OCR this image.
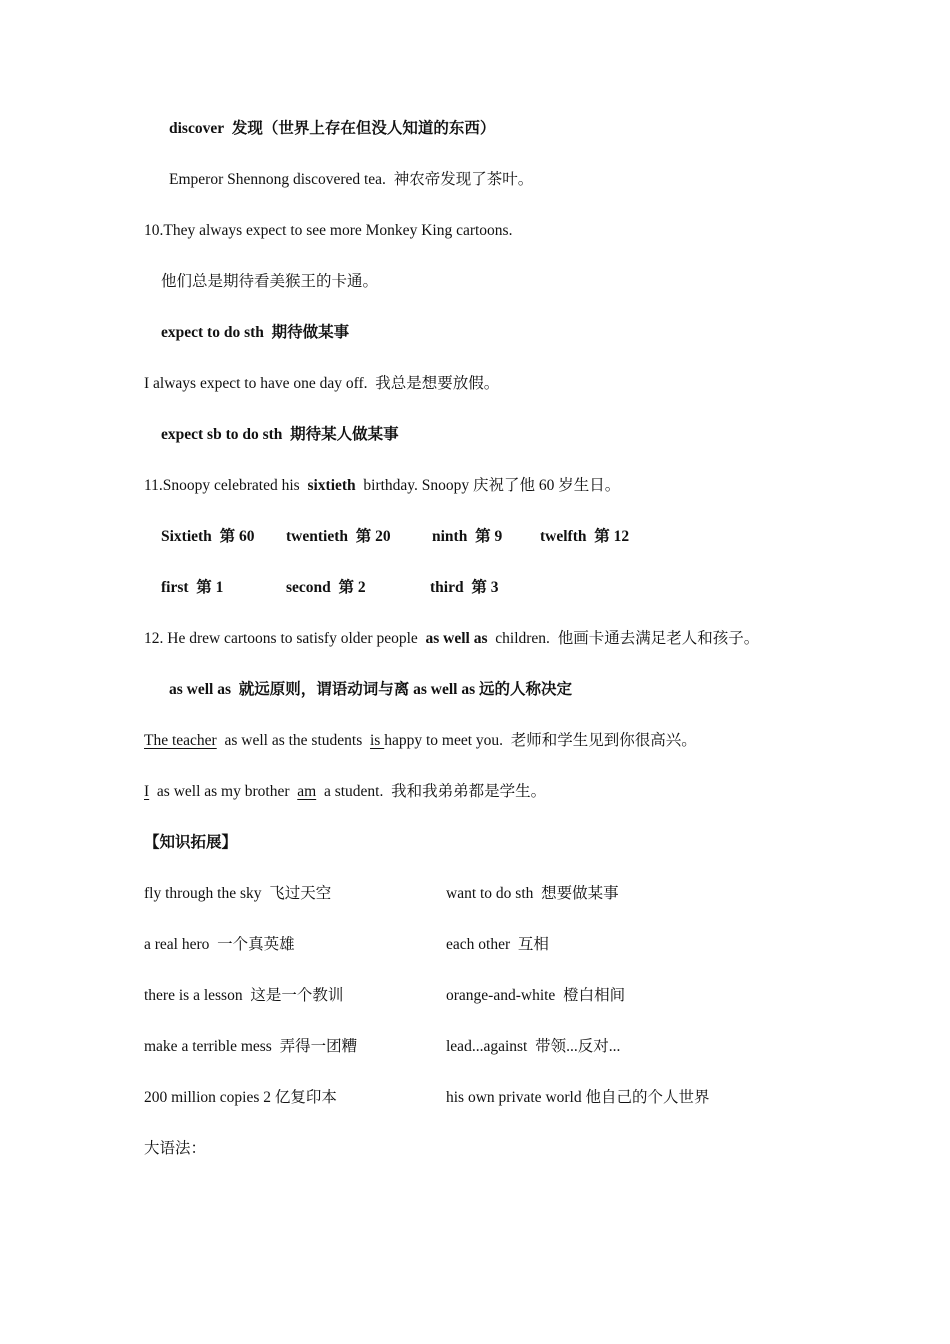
discover 发现（世界上存在但没人知道的东西）
Emperor Shennong discovered tea. 神农帝发现了茶叶。
10.They always expect to see more Monkey King cartoons.
他们总是期待看美猴王的卡通。
expect to do sth 期待做某事
I always expect to have one day off. 我总是想要放假。
expect sb to do sth 期待某人做某事
11.Snoopy celebrated his sixtieth birthday. Snoopy 庆祝了他 60 岁生日。
Sixtieth 第 60 twentieth 第 20	ninth 第 9 twelfth 第 12
first 第 1	second 第 2	third 第 3
12. He drew cartoons to satisfy older people as well as children. 他画卡通去满足老人和孩子。
as well as 就远原则，谓语动词与离 as well as 远的人称决定
The teacher as well as the students is happy to meet you. 老师和学生见到你很高兴。
I as well as my brother am a student. 我和我弟弟都是学生。
【知识拓展】
fly through the sky 飞过天空	want to do sth 想要做某事
a real hero 一个真英雄	each other 互相
there is a lesson 这是一个教训	orange-and-white 橙白相间
make a terrible mess 弄得一团糟	lead...against 带领...反对...
200 million copies 2 亿复印本	his own private world 他自己的个人世界
大语法：
